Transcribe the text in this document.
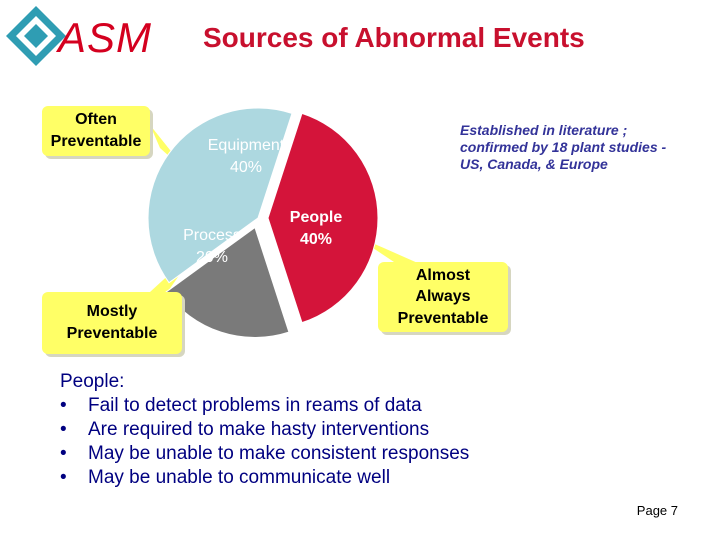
ASM Sources of Abnormal Events
People 40%
Process 20%
Equipment 40%
Often Preventable
Mostly Preventable
Almost Always Preventable
Established in literature ; confirmed by 18 plant studies - US, Canada, & Europe
People:
• Fail to detect problems in reams of data
• Are required to make hasty interventions
• May be unable to make consistent responses
• May be unable to communicate well
Page 7
